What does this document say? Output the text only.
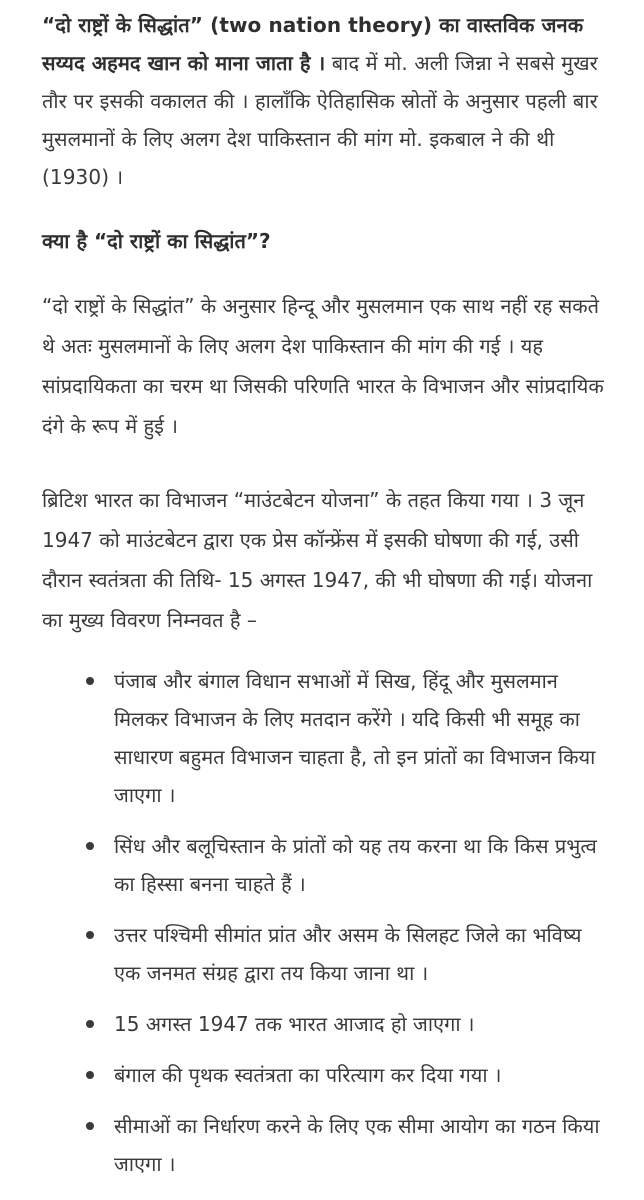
“दो राष्ट्रों के सिद्धांत” (two nation theory) का वास्तविक जनक सय्यद अहमद खान को माना जाता है । बाद में मो. अली जिन्ना ने सबसे मुखर तौर पर इसकी वकालत की । हालाँकि ऐतिहासिक स्रोतों के अनुसार पहली बार मुसलमानों के लिए अलग देश पाकिस्तान की मांग मो. इकबाल ने की थी (1930) ।

क्या है “दो राष्ट्रों का सिद्धांत”?

“दो राष्ट्रों के सिद्धांत” के अनुसार हिन्दू और मुसलमान एक साथ नहीं रह सकते थे अतः मुसलमानों के लिए अलग देश पाकिस्तान की मांग की गई । यह सांप्रदायिकता का चरम था जिसकी परिणति भारत के विभाजन और सांप्रदायिक दंगे के रूप में हुई ।

ब्रिटिश भारत का विभाजन “माउंटबेटन योजना” के तहत किया गया । 3 जून 1947 को माउंटबेटन द्वारा एक प्रेस कॉन्फ्रेंस में इसकी घोषणा की गई, उसी दौरान स्वतंत्रता की तिथि- 15 अगस्त 1947, की भी घोषणा की गई। योजना का मुख्य विवरण निम्नवत है –

पंजाब और बंगाल विधान सभाओं में सिख, हिंदू और मुसलमान मिलकर विभाजन के लिए मतदान करेंगे । यदि किसी भी समूह का साधारण बहुमत विभाजन चाहता है, तो इन प्रांतों का विभाजन किया जाएगा ।
सिंध और बलूचिस्तान के प्रांतों को यह तय करना था कि किस प्रभुत्व का हिस्सा बनना चाहते हैं ।
उत्तर पश्चिमी सीमांत प्रांत और असम के सिलहट जिले का भविष्य एक जनमत संग्रह द्वारा तय किया जाना था ।
15 अगस्त 1947 तक भारत आजाद हो जाएगा ।
बंगाल की पृथक स्वतंत्रता का परित्याग कर दिया गया ।
सीमाओं का निर्धारण करने के लिए एक सीमा आयोग का गठन किया जाएगा ।
